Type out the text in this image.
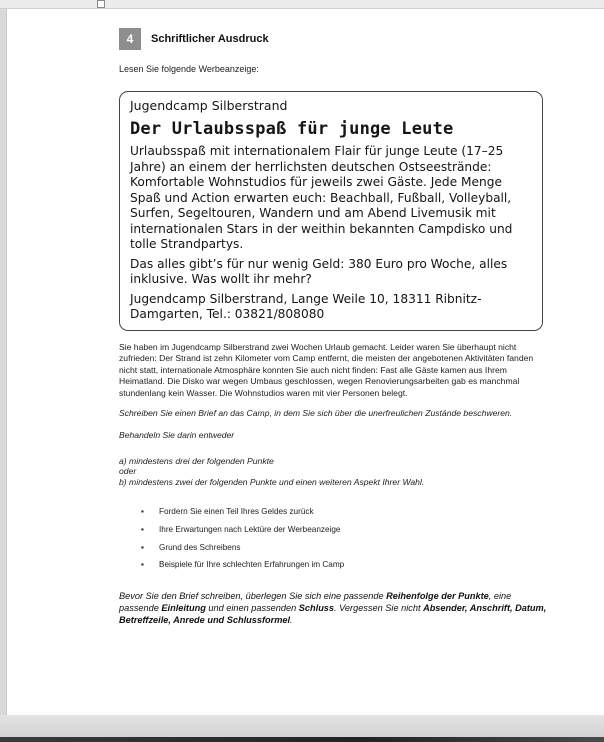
4	Schriftlicher Ausdruck
Lesen Sie folgende Werbeanzeige:
Jugendcamp Silberstrand
Der Urlaubsspaß für junge Leute
Urlaubsspaß mit internationalem Flair für junge Leute (17–25 Jahre) an einem der herrlichsten deutschen Ostseestrände: Komfortable Wohnstudios für jeweils zwei Gäste. Jede Menge Spaß und Action erwarten euch: Beachball, Fußball, Volleyball, Surfen, Segeltouren, Wandern und am Abend Livemusik mit internationalen Stars in der weithin bekannten Campdisko und tolle Strandpartys.
Das alles gibt’s für nur wenig Geld: 380 Euro pro Woche, alles inklusive. Was wollt ihr mehr?
Jugendcamp Silberstrand, Lange Weile 10, 18311 Ribnitz-Damgarten, Tel.: 03821/808080
Sie haben im Jugendcamp Silberstrand zwei Wochen Urlaub gemacht. Leider waren Sie überhaupt nicht zufrieden: Der Strand ist zehn Kilometer vom Camp entfernt, die meisten der angebotenen Aktivitäten fanden nicht statt, internationale Atmosphäre konnten Sie auch nicht finden: Fast alle Gäste kamen aus Ihrem Heimatland. Die Disko war wegen Umbaus geschlossen, wegen Renovierungsarbeiten gab es manchmal stundenlang kein Wasser. Die Wohnstudios waren mit vier Personen belegt.
Schreiben Sie einen Brief an das Camp, in dem Sie sich über die unerfreulichen Zustände beschweren.
Behandeln Sie darin entweder
a) mindestens drei der folgenden Punkte
oder
b) mindestens zwei der folgenden Punkte und einen weiteren Aspekt Ihrer Wahl.
▪ Fordern Sie einen Teil Ihres Geldes zurück
▪ Ihre Erwartungen nach Lektüre der Werbeanzeige
▪ Grund des Schreibens
▪ Beispiele für Ihre schlechten Erfahrungen im Camp
Bevor Sie den Brief schreiben, überlegen Sie sich eine passende Reihenfolge der Punkte, eine passende Einleitung und einen passenden Schluss. Vergessen Sie nicht Absender, Anschrift, Datum, Betreffzeile, Anrede und Schlussformel.
